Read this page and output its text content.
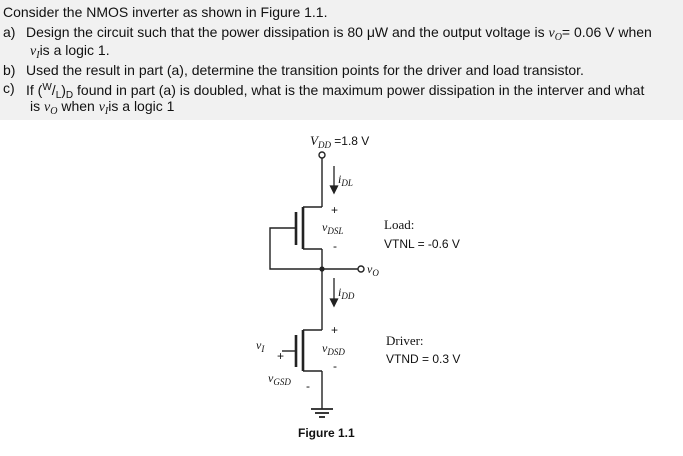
Consider the NMOS inverter as shown in Figure 1.1.
a) Design the circuit such that the power dissipation is 80 μW and the output voltage is $v_O= 0.06$ V when
$v_Iis$ a logic 1.
b) Used the result in part (a), determine the transition points for the driver and load transistor.
c) If $(^W/_L)_D$ found in part (a) is doubled, what is the maximum power dissipation in the interver and what
is $v_O$ when $v_Iis$ a logic 1
$V_{DD} =1.8$ V
$i_{DL}$
+
$v_{DSL}$
-
$v_O$
$i_{DD}$
+
$v_{DSD}$
-
$v_I$ +
$v_{GSD}$ -
Load:
VTNL = -0.6 V
Driver:
VTND = 0.3 V
Figure 1.1
